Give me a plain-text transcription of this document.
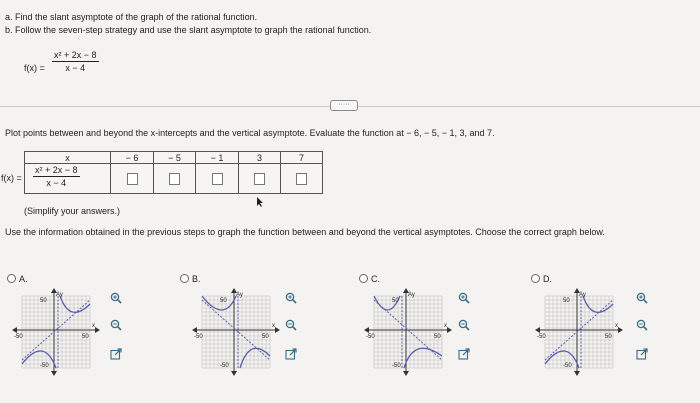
a. Find the slant asymptote of the graph of the rational function.
b. Follow the seven-step strategy and use the slant asymptote to graph the rational function.
f(x) =
x² + 2x − 8
x − 4
·····
Plot points between and beyond the x-intercepts and the vertical asymptote. Evaluate the function at − 6, − 5, − 1, 3, and 7.
x	− 6	− 5	− 1	3	7

f(x) =
x² + 2x − 8
x − 4					

(Simplify your answers.)
Use the information obtained in the previous steps to graph the function between and beyond the vertical asymptotes. Choose the correct graph below.
A.	B.	C.	D.
Ay
x
50
50
-50
-50
Ay
x
50
50
-50
-50
Ay
x
50
50
-50
-50
Ay
x
50
50
-50
-50
